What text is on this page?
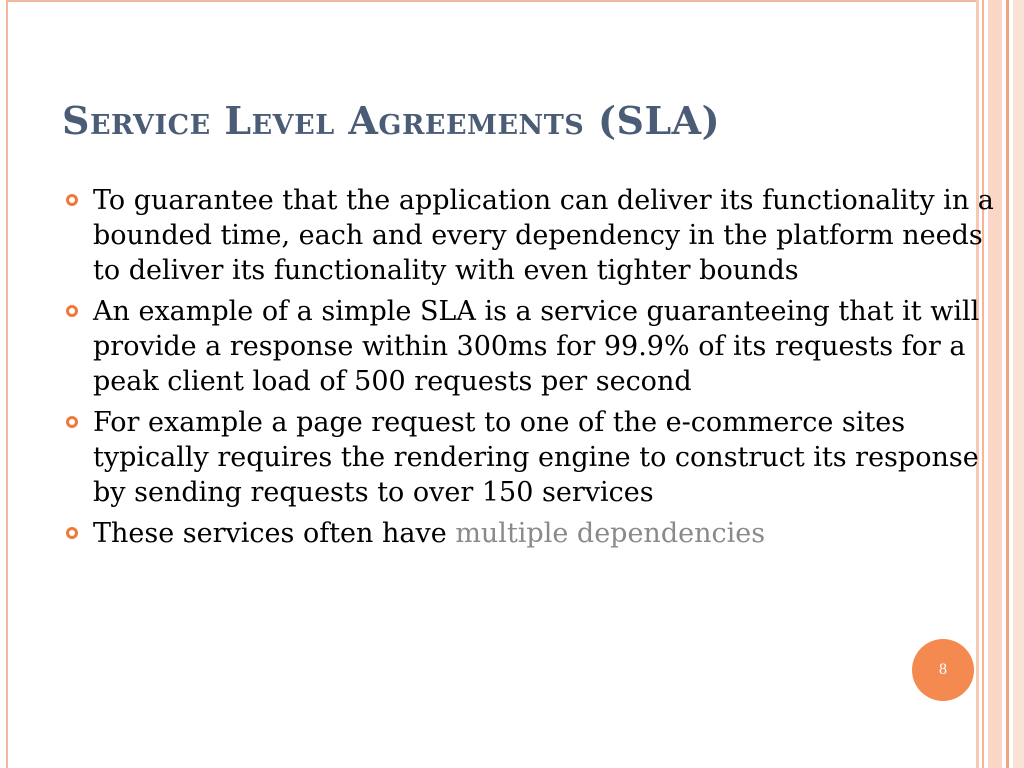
Service Level Agreements (SLA)
To guarantee that the application can deliver its functionality in a bounded time, each and every dependency in the platform needs to deliver its functionality with even tighter bounds
An example of a simple SLA is a service guaranteeing that it will provide a response within 300ms for 99.9% of its requests for a peak client load of 500 requests per second
For example a page request to one of the e-commerce sites typically requires the rendering engine to construct its response by sending requests to over 150 services
These services often have multiple dependencies
8
